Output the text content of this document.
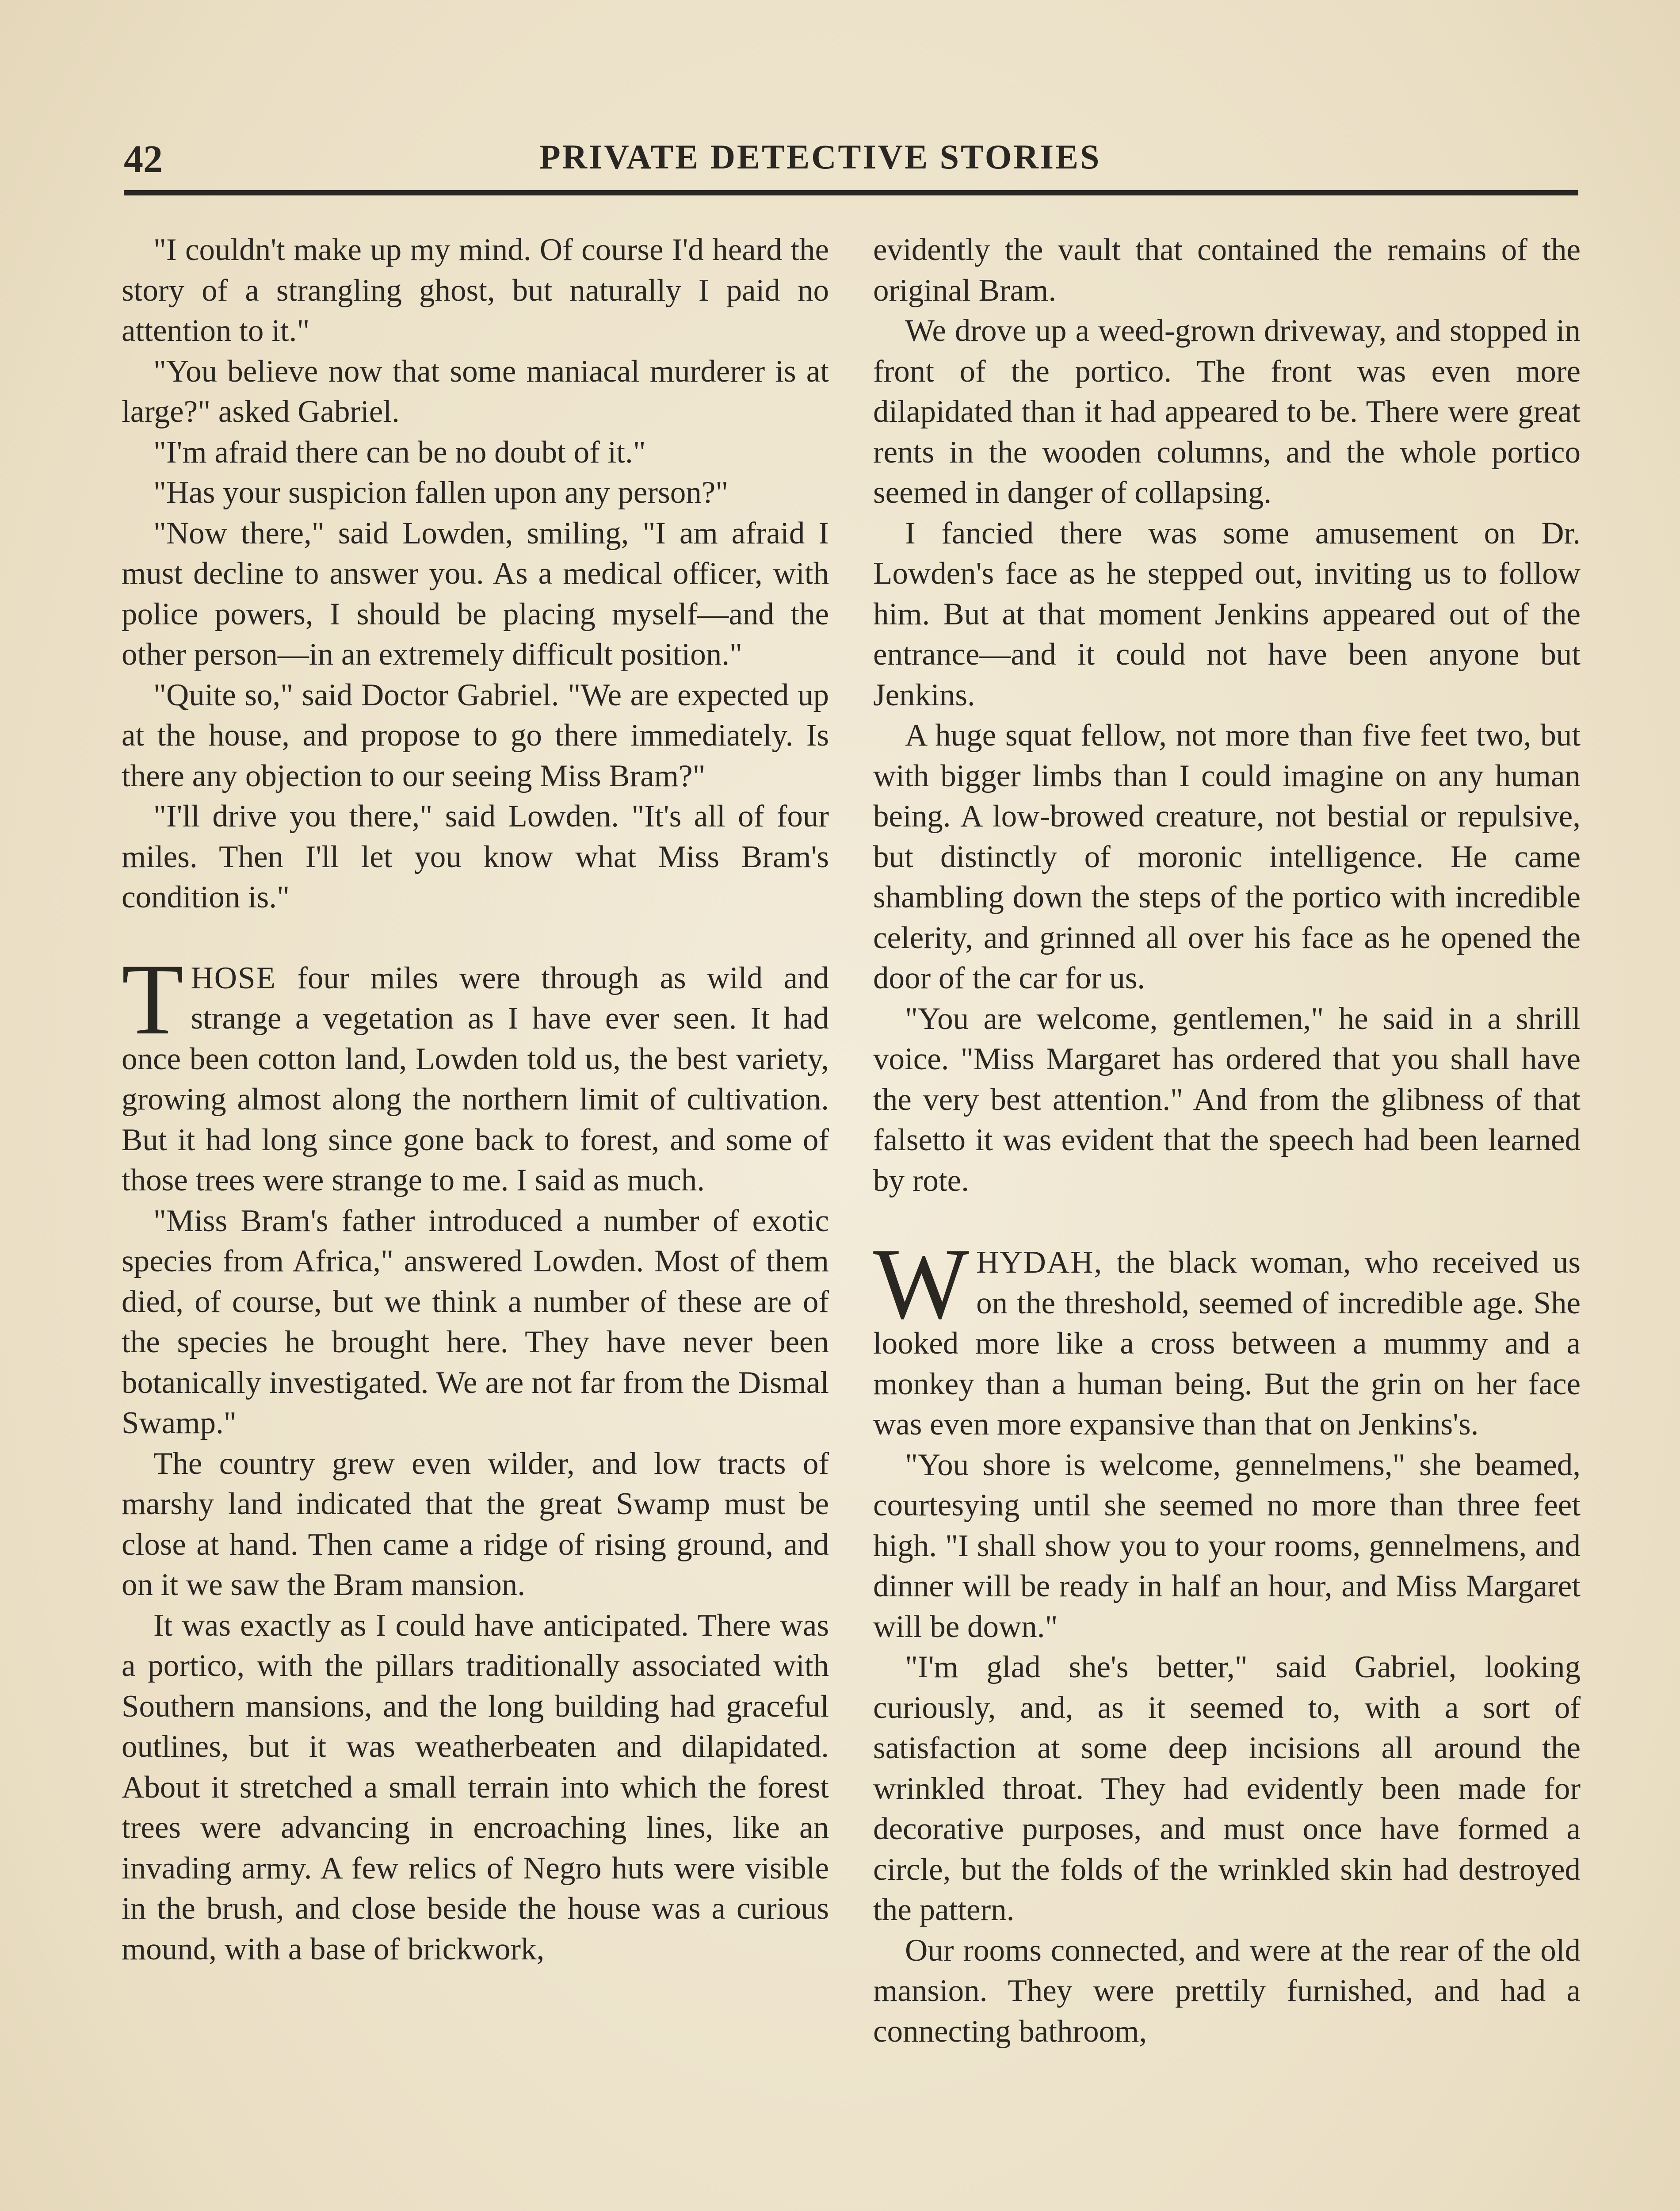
42	PRIVATE DETECTIVE STORIES

"I couldn't make up my mind. Of course I'd heard the story of a strangling ghost, but naturally I paid no attention to it."

"You believe now that some maniacal murderer is at large?" asked Gabriel.

"I'm afraid there can be no doubt of it."

"Has your suspicion fallen upon any person?"

"Now there," said Lowden, smiling, "I am afraid I must decline to answer you. As a medical officer, with police powers, I should be placing myself—and the other person—in an extremely difficult position."

"Quite so," said Doctor Gabriel. "We are expected up at the house, and propose to go there immediately. Is there any objection to our seeing Miss Bram?"

"I'll drive you there," said Lowden. "It's all of four miles. Then I'll let you know what Miss Bram's condition is."

THOSE four miles were through as wild and strange a vegetation as I have ever seen. It had once been cotton land, Lowden told us, the best variety, growing almost along the northern limit of cultivation. But it had long since gone back to forest, and some of those trees were strange to me. I said as much.

"Miss Bram's father introduced a number of exotic species from Africa," answered Lowden. Most of them died, of course, but we think a number of these are of the species he brought here. They have never been botanically investigated. We are not far from the Dismal Swamp."

The country grew even wilder, and low tracts of marshy land indicated that the great Swamp must be close at hand. Then came a ridge of rising ground, and on it we saw the Bram mansion.

It was exactly as I could have anticipated. There was a portico, with the pillars traditionally associated with Southern mansions, and the long building had graceful outlines, but it was weatherbeaten and dilapidated. About it stretched a small terrain into which the forest trees were advancing in encroaching lines, like an invading army. A few relics of Negro huts were visible in the brush, and close beside the house was a curious mound, with a base of brickwork,

evidently the vault that contained the remains of the original Bram.

We drove up a weed-grown driveway, and stopped in front of the portico. The front was even more dilapidated than it had appeared to be. There were great rents in the wooden columns, and the whole portico seemed in danger of collapsing.

I fancied there was some amusement on Dr. Lowden's face as he stepped out, inviting us to follow him. But at that moment Jenkins appeared out of the entrance—and it could not have been anyone but Jenkins.

A huge squat fellow, not more than five feet two, but with bigger limbs than I could imagine on any human being. A low-browed creature, not bestial or repulsive, but distinctly of moronic intelligence. He came shambling down the steps of the portico with incredible celerity, and grinned all over his face as he opened the door of the car for us.

"You are welcome, gentlemen," he said in a shrill voice. "Miss Margaret has ordered that you shall have the very best attention." And from the glibness of that falsetto it was evident that the speech had been learned by rote.

WHYDAH, the black woman, who received us on the threshold, seemed of incredible age. She looked more like a cross between a mummy and a monkey than a human being. But the grin on her face was even more expansive than that on Jenkins's.

"You shore is welcome, gennelmens," she beamed, courtesying until she seemed no more than three feet high. "I shall show you to your rooms, gennelmens, and dinner will be ready in half an hour, and Miss Margaret will be down."

"I'm glad she's better," said Gabriel, looking curiously, and, as it seemed to, with a sort of satisfaction at some deep incisions all around the wrinkled throat. They had evidently been made for decorative purposes, and must once have formed a circle, but the folds of the wrinkled skin had destroyed the pattern.

Our rooms connected, and were at the rear of the old mansion. They were prettily furnished, and had a connecting bathroom,
